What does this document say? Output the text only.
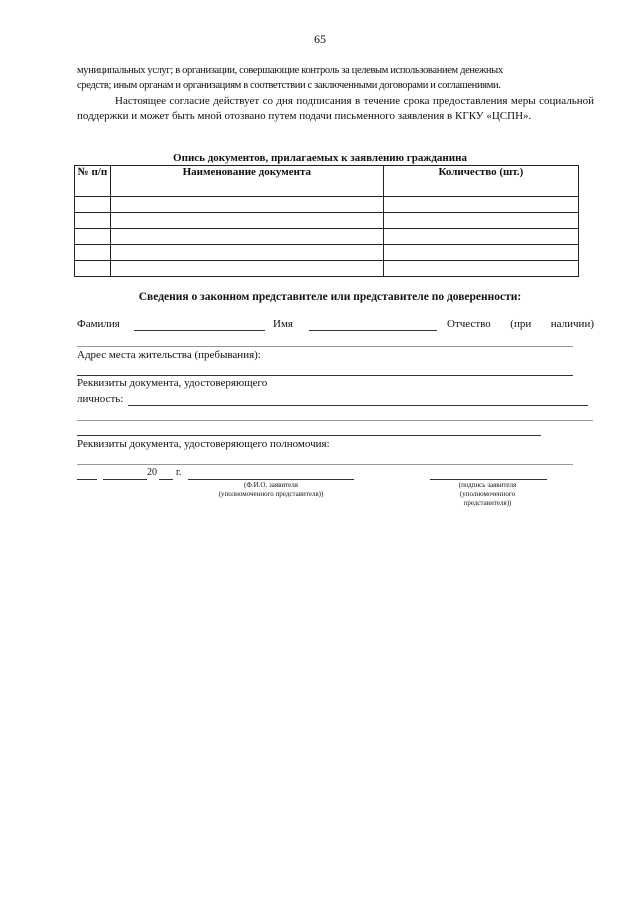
65
муниципальных услуг; в организации, совершающие контроль за целевым использованием денежных
средств; иным органам и организациям в соответствии с заключенными договорами и соглашениями.
Настоящее согласие действует со дня подписания в течение срока предоставления меры социальной поддержки и может быть мной отозвано путем подачи письменного заявления в КГКУ «ЦСПН».
Опись документов, прилагаемых к заявлению гражданина
№ п/п	Наименование документа	Количество (шт.)

Сведения о законном представителе или представителе по доверенности:
Фамилия	Имя	Отчество (при наличии)
Адрес места жительства (пребывания):
Реквизиты документа, удостоверяющего
личность:
Реквизиты документа, удостоверяющего полномочия:
20 г.
(Ф.И.О. заявителя
(уполномоченного представителя))
(подпись заявителя
(уполномоченного
представителя))
